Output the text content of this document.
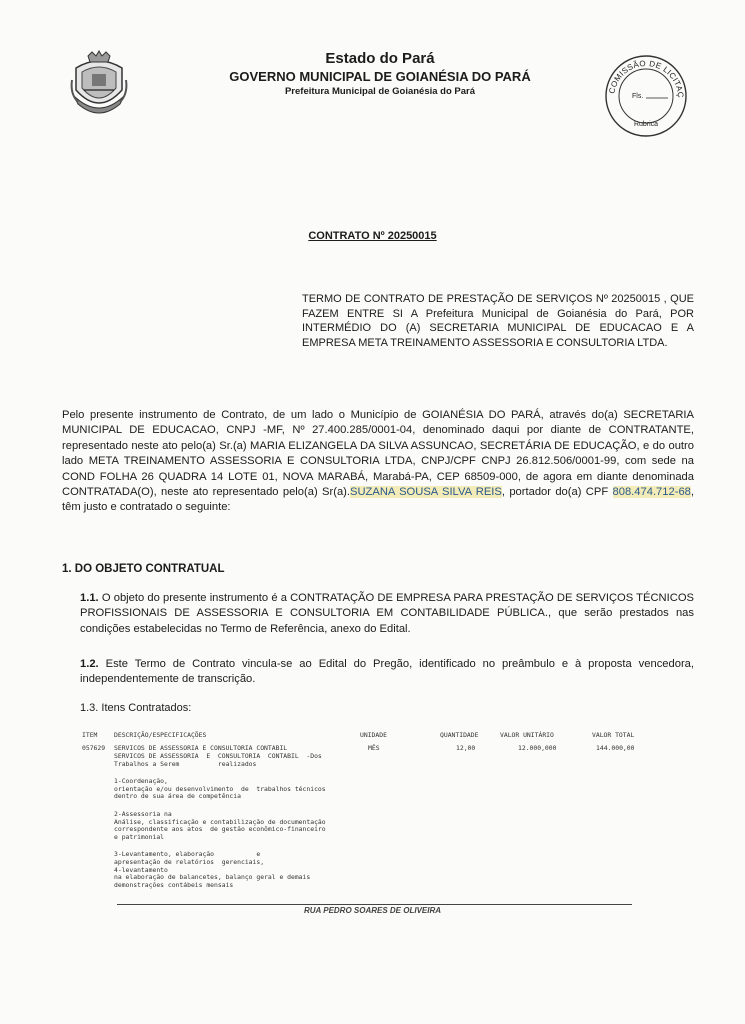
Estado do Pará
GOVERNO MUNICIPAL DE GOIANÉSIA DO PARÁ
Prefeitura Municipal de Goianésia do Pará	COMISSÃO DE LICITAÇ
Fls.
Rubrica
CONTRATO Nº 20250015
TERMO DE CONTRATO DE PRESTAÇÃO DE SERVIÇOS Nº 20250015 , QUE FAZEM ENTRE SI A Prefeitura Municipal de Goianésia do Pará, POR INTERMÉDIO DO (A) SECRETARIA MUNICIPAL DE EDUCACAO E A EMPRESA META TREINAMENTO ASSESSORIA E CONSULTORIA LTDA.
Pelo presente instrumento de Contrato, de um lado o Município de GOIANÉSIA DO PARÁ, através do(a) SECRETARIA MUNICIPAL DE EDUCACAO, CNPJ -MF, Nº 27.400.285/0001-04, denominado daqui por diante de CONTRATANTE, representado neste ato pelo(a) Sr.(a) MARIA ELIZANGELA DA SILVA ASSUNCAO, SECRETÁRIA DE EDUCAÇÃO, e do outro lado META TREINAMENTO ASSESSORIA E CONSULTORIA LTDA, CNPJ/CPF CNPJ 26.812.506/0001-99, com sede na COND FOLHA 26 QUADRA 14 LOTE 01, NOVA MARABÁ, Marabá-PA, CEP 68509-000, de agora em diante denominada CONTRATADA(O), neste ato representado pelo(a) Sr(a).SUZANA SOUSA SILVA REIS, portador do(a) CPF 808.474.712-68, têm justo e contratado o seguinte:
1. DO OBJETO CONTRATUAL
1.1. O objeto do presente instrumento é a CONTRATAÇÃO DE EMPRESA PARA PRESTAÇÃO DE SERVIÇOS TÉCNICOS PROFISSIONAIS DE ASSESSORIA E CONSULTORIA EM CONTABILIDADE PÚBLICA., que serão prestados nas condições estabelecidas no Termo de Referência, anexo do Edital.
1.2. Este Termo de Contrato vincula-se ao Edital do Pregão, identificado no preâmbulo e à proposta vencedora, independentemente de transcrição.
1.3. Itens Contratados:
ITEM	DESCRIÇÃO/ESPECIFICAÇÕES	UNIDADE	QUANTIDADE	VALOR UNITÁRIO	VALOR TOTAL
057629 SERVICOS DE ASSESSORIA E CONSULTORIA CONTABIL	MÊS	12,00	12.000,000	144.000,00
SERVICOS DE ASSESSORIA  E  CONSULTORIA  CONTABIL  -Dos
Trabalhos a Serem          realizados
1-Coordenação,
orientação e/ou desenvolvimento  de  trabalhos técnicos
dentro de sua área de competência
2-Assessoria na
Análise, classificação e contabilização de documentação
correspondente aos atos  de gestão econômico-financeiro
e patrimonial
3-Levantamento, elaboração           e
apresentação de relatórios  gerenciais,
4-levantamento
na elaboração de balancetes, balanço geral e demais
demonstrações contábeis mensais
RUA PEDRO SOARES DE OLIVEIRA
